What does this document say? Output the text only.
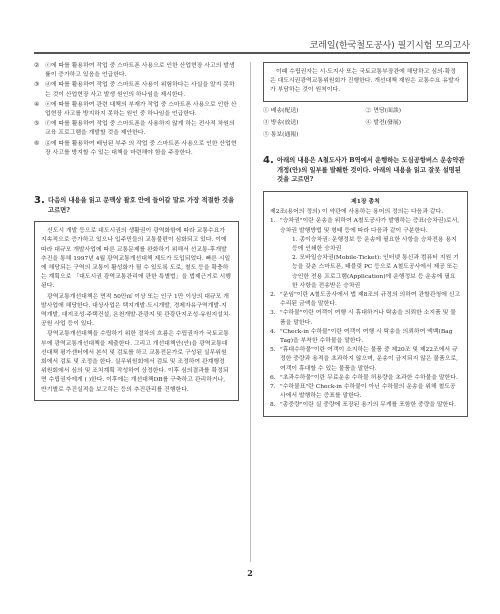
코레일(한국철도공사) 필기시험 모의고사
② ⓒ에 따를 활용하여 작업 중 스마트폰 사용으로 인한 산업현장 사고의 발생률이 증가하고 있음을 언급한다.
③ ⓓ에 따를 활용하여 작업 중 스마트폰 사용이 위험하다는 사실을 알지 못하는 것이 산업현장 사고 발생 원인의 하나임을 제시한다.
④ ⓔ에 따를 활용하여 관련 대책의 부재가 작업 중 스마트폰 사용으로 인한 산업현장 사고를 방지하지 못하는 원인 중 하나임을 언급한다.
⑤ ⓕ에 따를 활용하여 작업 중 스마트폰을 사용하지 않게 하는 전사적 차원의 교육 프로그램을 개발할 것을 제안한다.
⑥ ⓖ에 따를 활용하여 배닝된 부주 의 작업 중 스마트폰 사용으로 인한 산업현장 사고를 방지할 수 있는 대책을 마련해야 함을 주장한다.
3. 다음의 내용을 읽고 문맥상 괄호 안에 들어갈 말로 가장 적절한 것을 고르면?

신도시 개발 등으로 대도시권의 생활권이 광역화함에 따라 교통수요가 지속적으로 증가하고 있으나 입주민들의 교통불편이 심화되고 있다. 이에 따라 대규모 개발사업에 따른 교통문제를 완화하기 위해서 선교통-후개발 추진을 통해 1997년 4월 광역교통개선대책 제도가 도입되었다. 빠른 시일에 해당되는 구역의 교통이 활성화가 될 수 있도록 도로, 철도 등을 확충하는 계획으로 「대도시권 광역교통관리에 관한 특별법」을 법제근거로 시행된다.

광역교통개선대책은 면적 50만㎡ 이상 또는 인구 1만 이상의 대규모 개발사업에 해당한다. 대상사업은 택지개발·도시개발, 경제자유구역개발·지역개발, 대지조성·주택건설, 온천개발·관광지 및 관광단지조성·유원지설치·공원 사업 등이 있다.

광역교통개선대책을 수립하기 위한 절차의 흐름은 수립권자가 국토교통부에 광역교통개선대책을 제출한다. 그리고 개선대책안(안)을 광역교통대선대책 평가센터에서 본석 및 검토를 하고 교통전문가로 구성된 실무위원회에서 검토 및 조정을 한다. 실무위원회에서 검토 및 조정하여 관계행정 위원회에서 심의 및 조치계획 작성하여 상정한다. 이후 심의결과를 확정되면 수립권자에게 ( )한다. 이후에는 개선대책DB를 구축하고 관리하거나, 반기별로 추진실적을 보고하는 등의 추진관리를 진행한다.

이때 수립권자는 시·도지사 또는 국토교통부장관에 해당하고 심의·확정은 대도시권광역교통위원회가 진행한다. 개선대책 재원은 교통수요 유발자가 부담하는 것이 원칙이다.

① 배송(配送)	② 면담(面談)
③ 방송(放送)	④ 발전(發展)
⑤ 통보(通報)
4. 아래의 내용은 A철도사가 B역에서 운행하는 도심공항버스 운송약관 개정(안)의 일부를 발췌한 것이다. 아래의 내용을 읽고 잘못 설명된 것을 고르면?
제1장 총칙
제2조(용어의 정의) 이 약관에 사용하는 용어의 정의는 다음과 같다.
1. "승차권"이란 운송을 위하여 A철도공사가 발행하는 증표(승차권)로서, 승차권 발행방법 및 형태 등에 따라 다음과 같이 구분한다.
1. 종이승차권: 운행정보 등 운송에 필요한 사항을 승차전용 용지 등에 인쇄한 승차권
2. 모바일승차권(Mobile-Ticket): 인터넷 통신과 컴퓨터 지원 기능을 갖춘 스마트폰, 태블릿 PC 등으로 A철도공사에서 제공 또는 승인한 전용 프로그램(Application)에 운행정보 등 운송에 필요한 사항을 전송받은 승차권
2. "운임"이란 A철도공사에서 법 제8조의 규정의 의하여 관할관청에 신고 수리된 금액을 말한다.
3. "수하물"이란 여객이 여행 시 휴대하거나 탁송을 의뢰한 소지품 및 물품을 말한다.
4. "Check-in 수하물"이란 여객이 여행 시 탁송을 의뢰하여 액백(Bag Tag)을 부착한 수하물을 말한다.
5. "휴대수하물"이란 여객이 소지하는 물품 중 제20조 및 제22조에서 규정한 중량과 용적을 초과하지 않으며, 운송이 금지되지 않은 물품으로, 여객이 휴대할 수 있는 물품을 말한다.
6. "초과수하물"이란 무료운송 수하물 허용량을 초과한 수하물을 말한다.
7. "수하물표"란 Check-in 수하물이 아닌 수하물의 운송을 위해 철도공사에서 발행하는 증표를 말한다.
8. "총중량"이란 실 중량에 포장된 용기의 무게를 포함한 중량을 말한다.
2
